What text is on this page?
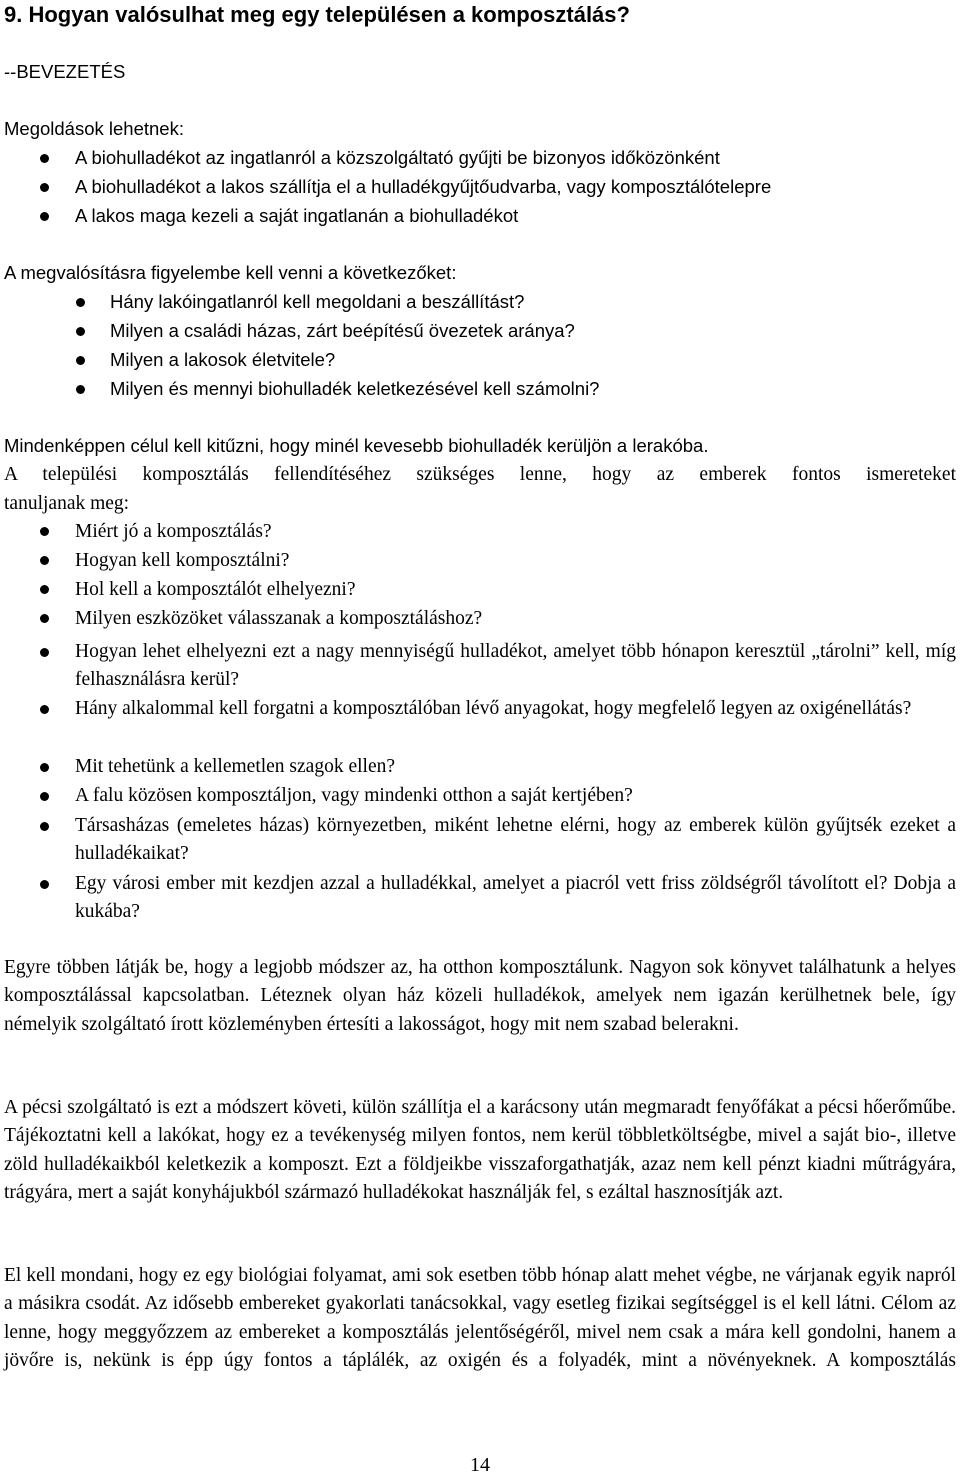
9. Hogyan valósulhat meg egy településen a komposztálás?
--BEVEZETÉS
Megoldások lehetnek:
A biohulladékot az ingatlanról a közszolgáltató gyűjti be bizonyos időközönként
A biohulladékot a lakos szállítja el a hulladékgyűjtőudvarba, vagy komposztálótelepre
A lakos maga kezeli a saját ingatlanán a biohulladékot
A megvalósításra figyelembe kell venni a következőket:
Hány lakóingatlanról kell megoldani a beszállítást?
Milyen a családi házas, zárt beépítésű övezetek aránya?
Milyen a lakosok életvitele?
Milyen és mennyi biohulladék keletkezésével kell számolni?
Mindenképpen célul kell kitűzni, hogy minél kevesebb biohulladék kerüljön a lerakóba.
A települési komposztálás fellendítéséhez szükséges lenne, hogy az emberek fontos ismereteket
tanuljanak meg:
Miért jó a komposztálás?
Hogyan kell komposztálni?
Hol kell a komposztálót elhelyezni?
Milyen eszközöket válasszanak a komposztáláshoz?
Hogyan lehet elhelyezni ezt a nagy mennyiségű hulladékot, amelyet több hónapon keresztül „tárolni” kell, míg felhasználásra kerül?
Hány alkalommal kell forgatni a komposztálóban lévő anyagokat, hogy megfelelő legyen az oxigénellátás?
Mit tehetünk a kellemetlen szagok ellen?
A falu közösen komposztáljon, vagy mindenki otthon a saját kertjében?
Társasházas (emeletes házas) környezetben, miként lehetne elérni, hogy az emberek külön gyűjtsék ezeket a hulladékaikat?
Egy városi ember mit kezdjen azzal a hulladékkal, amelyet a piacról vett friss zöldségről távolított el? Dobja a kukába?
Egyre többen látják be, hogy a legjobb módszer az, ha otthon komposztálunk. Nagyon sok könyvet találhatunk a helyes komposztálással kapcsolatban. Léteznek olyan ház közeli hulladékok, amelyek nem igazán kerülhetnek bele, így némelyik szolgáltató írott közleményben értesíti a lakosságot, hogy mit nem szabad belerakni.
A pécsi szolgáltató is ezt a módszert követi, külön szállítja el a karácsony után megmaradt fenyőfákat a pécsi hőerőműbe. Tájékoztatni kell a lakókat, hogy ez a tevékenység milyen fontos, nem kerül többletköltségbe, mivel a saját bio-, illetve zöld hulladékaikból keletkezik a komposzt. Ezt a földjeikbe visszaforgathatják, azaz nem kell pénzt kiadni műtrágyára, trágyára, mert a saját konyhájukból származó hulladékokat használják fel, s ezáltal hasznosítják azt.
El kell mondani, hogy ez egy biológiai folyamat, ami sok esetben több hónap alatt mehet végbe, ne várjanak egyik napról a másikra csodát. Az idősebb embereket gyakorlati tanácsokkal, vagy esetleg fizikai segítséggel is el kell látni. Célom az lenne, hogy meggyőzzem az embereket a komposztálás jelentőségéről, mivel nem csak a mára kell gondolni, hanem a jövőre is, nekünk is épp úgy fontos a táplálék, az oxigén és a folyadék, mint a növényeknek. A komposztálás
14
